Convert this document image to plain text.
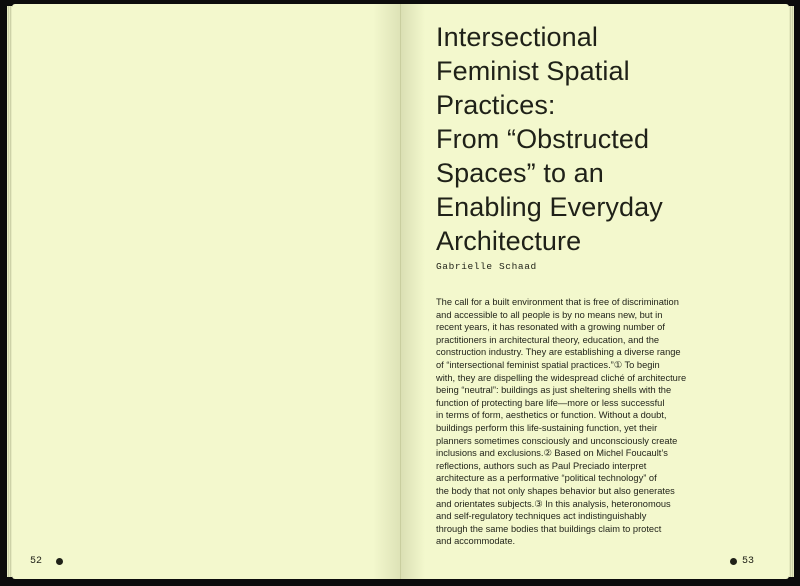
52
Intersectional
Feminist Spatial
Practices:
From “Obstructed
Spaces” to an
Enabling Everyday
Architecture
Gabrielle Schaad

The call for a built environment that is free of discrimination
and accessible to all people is by no means new, but in
recent years, it has resonated with a growing number of
practitioners in architectural theory, education, and the
construction industry. They are establishing a diverse range
of “intersectional feminist spatial practices.”① To begin
with, they are dispelling the widespread cliché of architecture
being “neutral”: buildings as just sheltering shells with the
function of protecting bare life—more or less successful
in terms of form, aesthetics or function. Without a doubt,
buildings perform this life-sustaining function, yet their
planners sometimes consciously and unconsciously create
inclusions and exclusions.② Based on Michel Foucault’s
reflections, authors such as Paul Preciado interpret
architecture as a performative “political technology” of
the body that not only shapes behavior but also generates
and orientates subjects.③ In this analysis, heteronomous
and self-regulatory techniques act indistinguishably
through the same bodies that buildings claim to protect
and accommodate.

53
